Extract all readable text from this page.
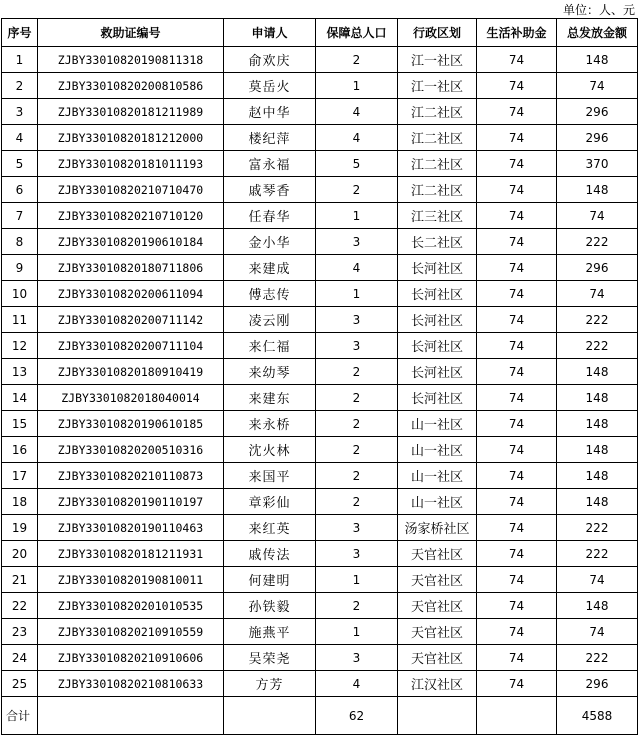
单位：人、元
序号	救助证编号	申请人	保障总人口	行政区划	生活补助金	总发放金额
1	ZJBY33010820190811318	俞欢庆	2	江一社区	74	148
2	ZJBY33010820200810586	莫岳火	1	江一社区	74	74
3	ZJBY33010820181211989	赵中华	4	江二社区	74	296
4	ZJBY33010820181212000	楼纪萍	4	江二社区	74	296
5	ZJBY33010820181011193	富永福	5	江二社区	74	370
6	ZJBY33010820210710470	戚琴香	2	江二社区	74	148
7	ZJBY33010820210710120	任春华	1	江三社区	74	74
8	ZJBY33010820190610184	金小华	3	长二社区	74	222
9	ZJBY33010820180711806	来建成	4	长河社区	74	296
10	ZJBY33010820200611094	傅志传	1	长河社区	74	74
11	ZJBY33010820200711142	凌云刚	3	长河社区	74	222
12	ZJBY33010820200711104	来仁福	3	长河社区	74	222
13	ZJBY33010820180910419	来幼琴	2	长河社区	74	148
14	ZJBY3301082018040014	来建东	2	长河社区	74	148
15	ZJBY33010820190610185	来永桥	2	山一社区	74	148
16	ZJBY33010820200510316	沈火林	2	山一社区	74	148
17	ZJBY33010820210110873	来国平	2	山一社区	74	148
18	ZJBY33010820190110197	章彩仙	2	山一社区	74	148
19	ZJBY33010820190110463	来红英	3	汤家桥社区	74	222
20	ZJBY33010820181211931	戚传法	3	天官社区	74	222
21	ZJBY33010820190810011	何建明	1	天官社区	74	74
22	ZJBY33010820201010535	孙铁毅	2	天官社区	74	148
23	ZJBY33010820210910559	施燕平	1	天官社区	74	74
24	ZJBY33010820210910606	吴荣尧	3	天官社区	74	222
25	ZJBY33010820210810633	方芳	4	江汉社区	74	296
合计			62			4588
